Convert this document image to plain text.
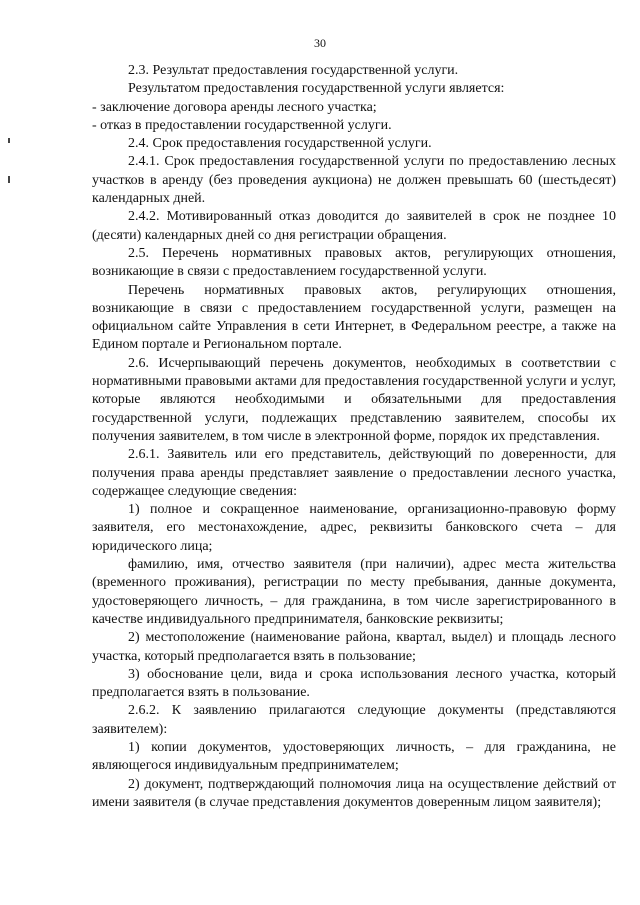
30

2.3. Результат предоставления государственной услуги.

Результатом предоставления государственной услуги является:

- заключение договора аренды лесного участка;

- отказ в предоставлении государственной услуги.

2.4. Срок предоставления государственной услуги.

2.4.1. Срок предоставления государственной услуги по предоставлению лесных участков в аренду (без проведения аукциона) не должен превышать 60 (шестьдесят) календарных дней.

2.4.2. Мотивированный отказ доводится до заявителей в срок не позднее 10 (десяти) календарных дней со дня регистрации обращения.

2.5. Перечень нормативных правовых актов, регулирующих отношения, возникающие в связи с предоставлением государственной услуги.

Перечень нормативных правовых актов, регулирующих отношения, возникающие в связи с предоставлением государственной услуги, размещен на официальном сайте Управления в сети Интернет, в Федеральном реестре, а также на Едином портале и Региональном портале.

2.6. Исчерпывающий перечень документов, необходимых в соответствии с нормативными правовыми актами для предоставления государственной услуги и услуг, которые являются необходимыми и обязательными для предоставления государственной услуги, подлежащих представлению заявителем, способы их получения заявителем, в том числе в электронной форме, порядок их представления.

2.6.1. Заявитель или его представитель, действующий по доверенности, для получения права аренды представляет заявление о предоставлении лесного участка, содержащее следующие сведения:

1) полное и сокращенное наименование, организационно-правовую форму заявителя, его местонахождение, адрес, реквизиты банковского счета – для юридического лица;

фамилию, имя, отчество заявителя (при наличии), адрес места жительства (временного проживания), регистрации по месту пребывания, данные документа, удостоверяющего личность, – для гражданина, в том числе зарегистрированного в качестве индивидуального предпринимателя, банковские реквизиты;

2) местоположение (наименование района, квартал, выдел) и площадь лесного участка, который предполагается взять в пользование;

3) обоснование цели, вида и срока использования лесного участка, который предполагается взять в пользование.

2.6.2. К заявлению прилагаются следующие документы (представляются заявителем):

1) копии документов, удостоверяющих личность, – для гражданина, не являющегося индивидуальным предпринимателем;

2) документ, подтверждающий полномочия лица на осуществление действий от имени заявителя (в случае представления документов доверенным лицом заявителя);
